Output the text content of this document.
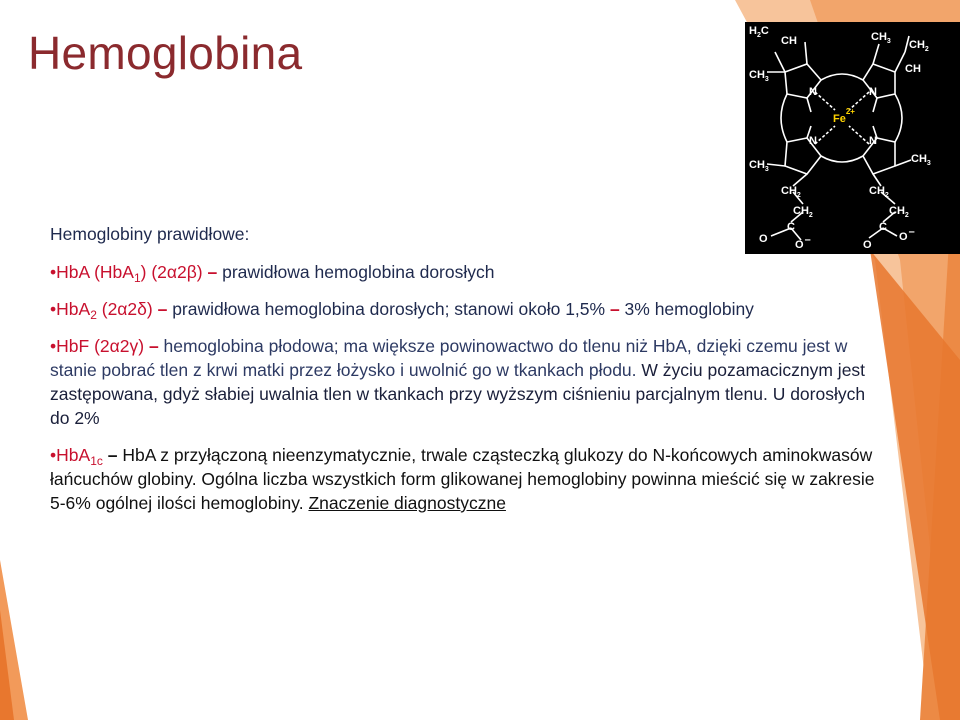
Hemoglobina	$H_2C$
CH	$CH_3$ $CH_2$
CH
$CH_3$
N	N
N	N
$Fe^{2+}$
$CH_3$
$CH_3$
$CH_2$
$CH_2$
$CH_2$
$CH_2$
C	C
O O–	O
O–

Hemoglobiny prawidłowe:

•HbA (HbA$_1$) (2α2β) – prawidłowa hemoglobina dorosłych

•HbA$_2$ (2α2δ) – prawidłowa hemoglobina dorosłych; stanowi około 1,5% – 3% hemoglobiny

•HbF (2α2γ) – hemoglobina płodowa; ma większe powinowactwo do tlenu niż HbA, dzięki czemu jest w stanie pobrać tlen z krwi matki przez łożysko i uwolnić go w tkankach płodu. W życiu pozamacicznym jest zastępowana, gdyż słabiej uwalnia tlen w tkankach przy wyższym ciśnieniu parcjalnym tlenu. U dorosłych do 2%

•HbA$_{1c}$ – HbA z przyłączoną nieenzymatycznie, trwale cząsteczką glukozy do N-końcowych aminokwasów łańcuchów globiny. Ogólna liczba wszystkich form glikowanej hemoglobiny powinna mieścić się w zakresie 5-6% ogólnej ilości hemoglobiny. Znaczenie diagnostyczne
